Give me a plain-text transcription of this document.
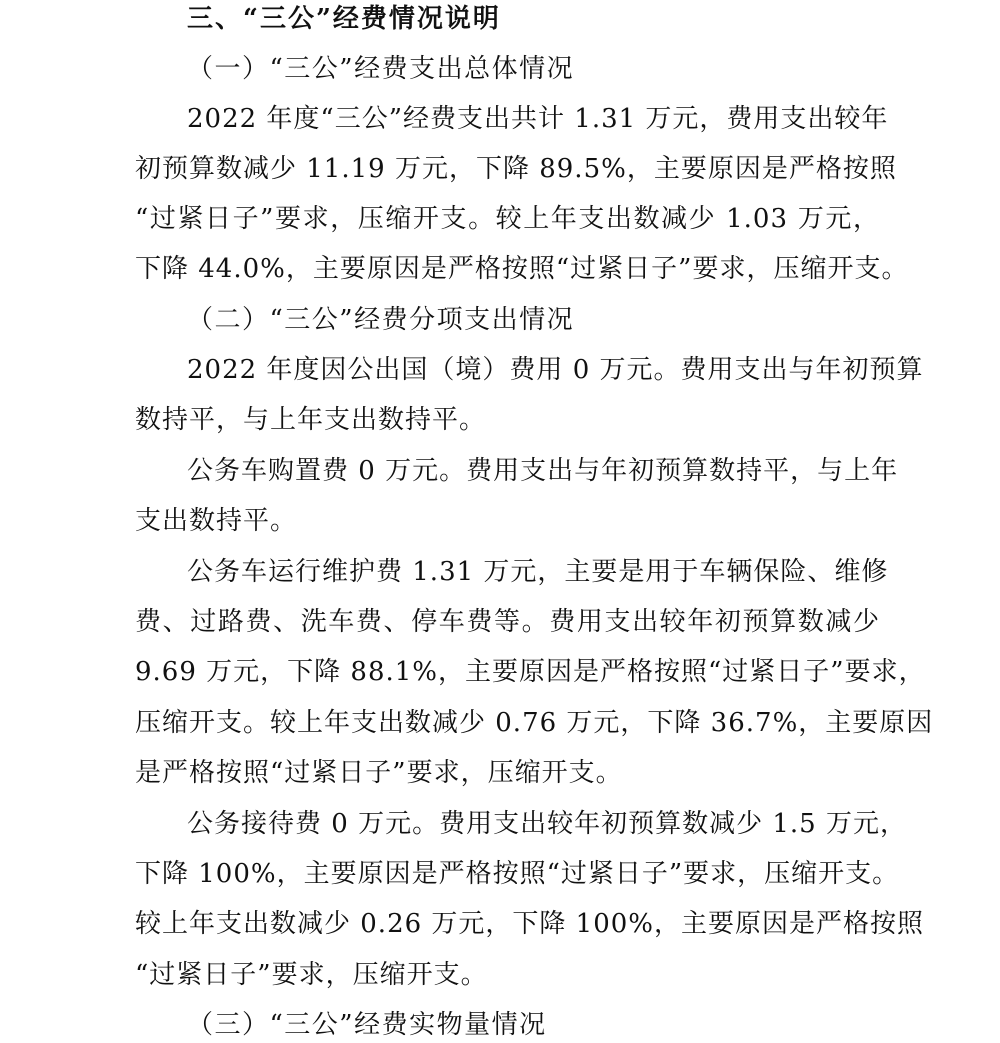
三、“三公”经费情况说明
（一）“三公”经费支出总体情况
2022 年度“三公”经费支出共计 1.31 万元，费用支出较年
初预算数减少 11.19 万元，下降 89.5%，主要原因是严格按照
“过紧日子”要求，压缩开支。较上年支出数减少 1.03 万元，
下降 44.0%，主要原因是严格按照“过紧日子”要求，压缩开支。
（二）“三公”经费分项支出情况
2022 年度因公出国（境）费用 0 万元。费用支出与年初预算
数持平，与上年支出数持平。
公务车购置费 0 万元。费用支出与年初预算数持平，与上年
支出数持平。
公务车运行维护费 1.31 万元，主要是用于车辆保险、维修
费、过路费、洗车费、停车费等。费用支出较年初预算数减少
9.69 万元，下降 88.1%，主要原因是严格按照“过紧日子”要求，
压缩开支。较上年支出数减少 0.76 万元，下降 36.7%，主要原因
是严格按照“过紧日子”要求，压缩开支。
公务接待费 0 万元。费用支出较年初预算数减少 1.5 万元，
下降 100%，主要原因是严格按照“过紧日子”要求，压缩开支。
较上年支出数减少 0.26 万元，下降 100%，主要原因是严格按照
“过紧日子”要求，压缩开支。
（三）“三公”经费实物量情况
